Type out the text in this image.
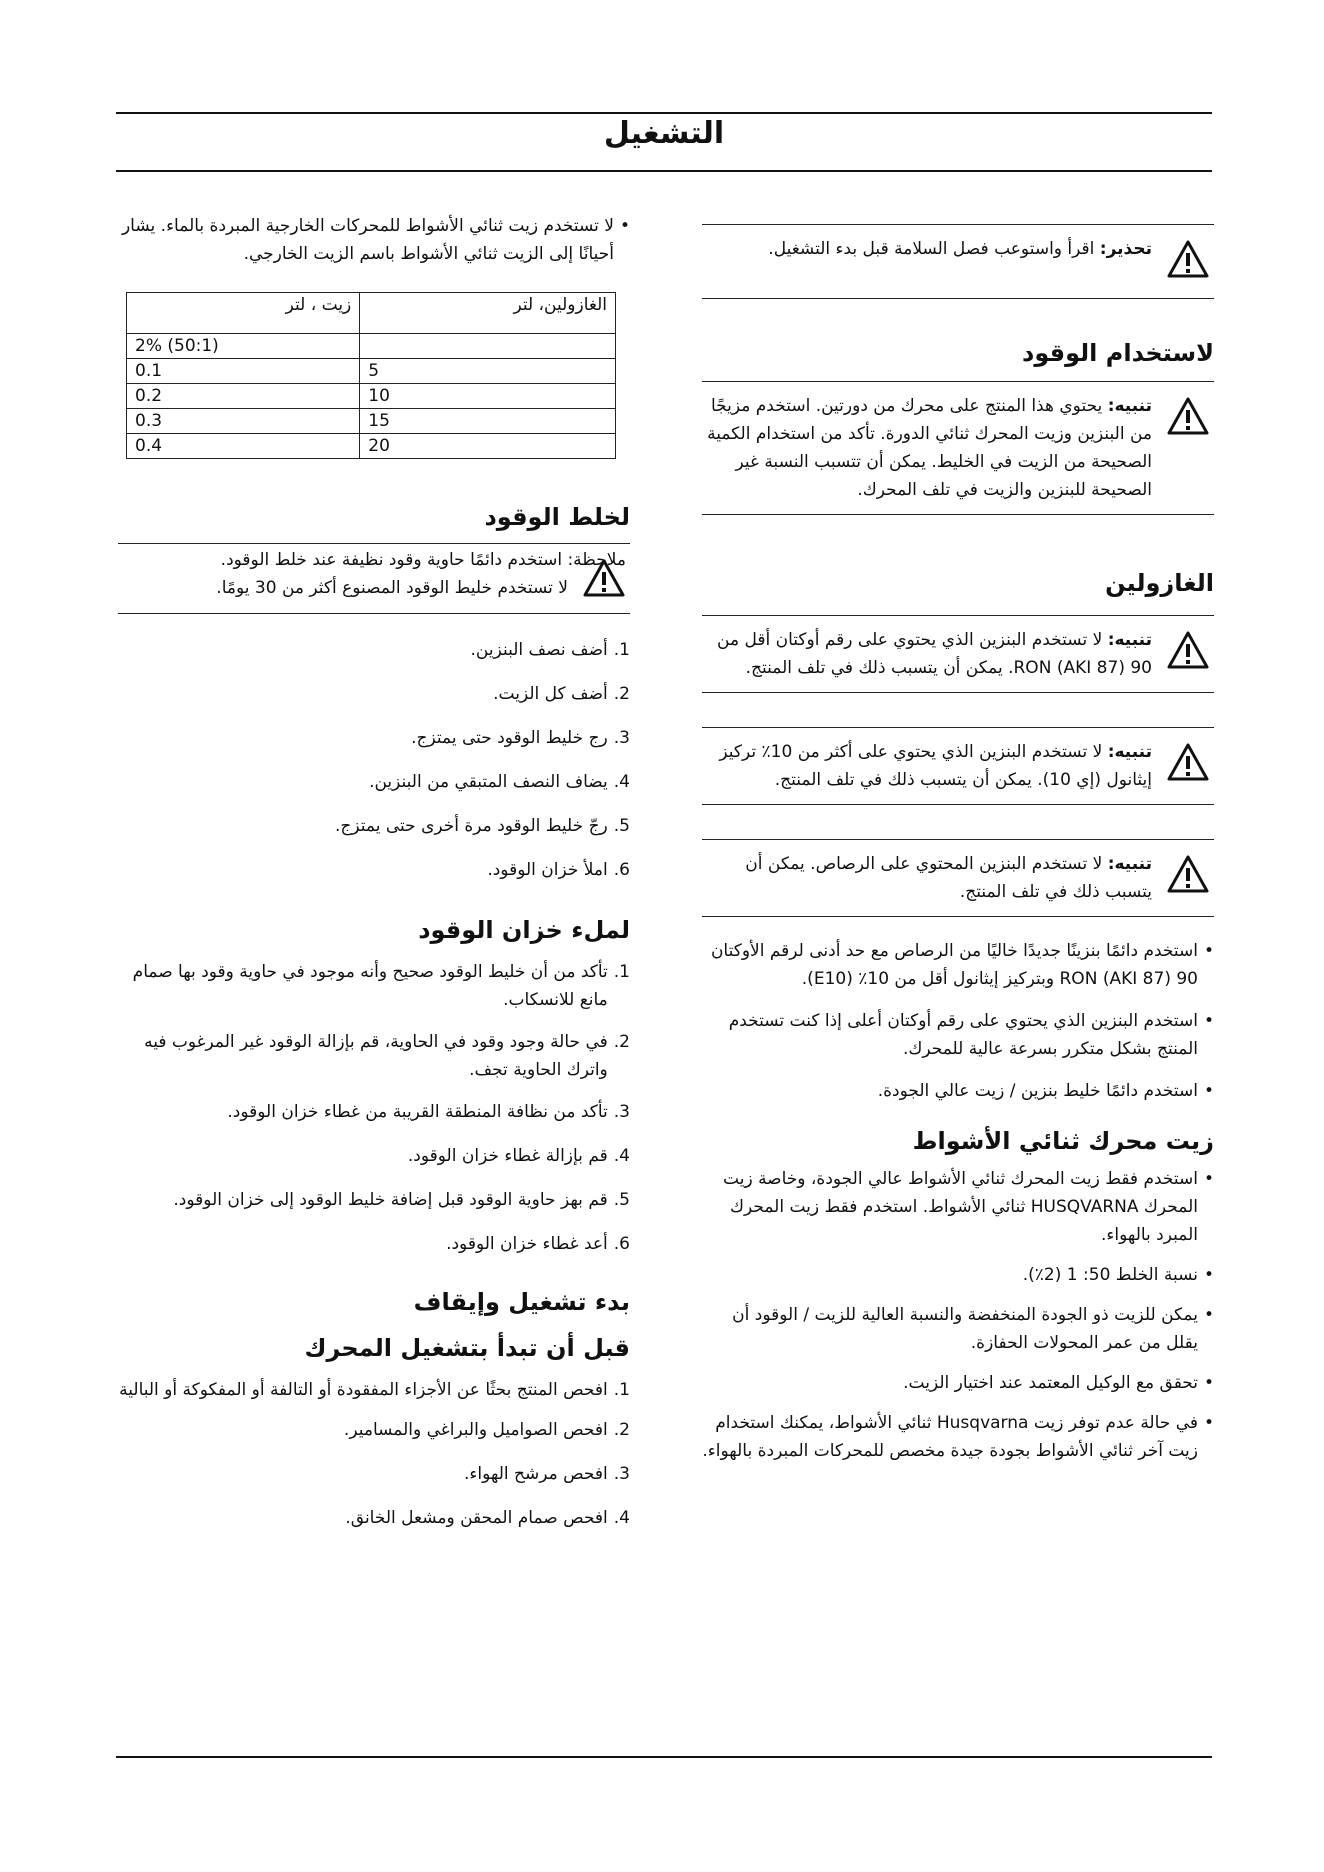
التشغيل
تحذير: اقرأ واستوعب فصل السلامة قبل بدء التشغيل.
لاستخدام الوقود
تنبيه: يحتوي هذا المنتج على محرك من دورتين. استخدم مزيجًا من البنزين وزيت المحرك ثنائي الدورة. تأكد من استخدام الكمية الصحيحة من الزيت في الخليط. يمكن أن تتسبب النسبة غير الصحيحة للبنزين والزيت في تلف المحرك.
الغازولين
تنبيه: لا تستخدم البنزين الذي يحتوي على رقم أوكتان أقل من 90 (87 AKI) RON. يمكن أن يتسبب ذلك في تلف المنتج.
تنبيه: لا تستخدم البنزين الذي يحتوي على أكثر من 10٪ تركيز إيثانول (إي 10). يمكن أن يتسبب ذلك في تلف المنتج.
تنبيه: لا تستخدم البنزين المحتوي على الرصاص. يمكن أن يتسبب ذلك في تلف المنتج.

• استخدم دائمًا بنزينًا جديدًا خاليًا من الرصاص مع حد أدنى لرقم الأوكتان 90 (87 AKI) RON وبتركيز إيثانول أقل من 10٪ (E10).

• استخدم البنزين الذي يحتوي على رقم أوكتان أعلى إذا كنت تستخدم المنتج بشكل متكرر بسرعة عالية للمحرك.

• استخدم دائمًا خليط بنزين / زيت عالي الجودة.

زيت محرك ثنائي الأشواط

• استخدم فقط زيت المحرك ثنائي الأشواط عالي الجودة، وخاصة زيت المحرك HUSQVARNA ثنائي الأشواط. استخدم فقط زيت المحرك المبرد بالهواء.

• نسبة الخلط 50: 1 (2٪).

• يمكن للزيت ذو الجودة المنخفضة والنسبة العالية للزيت / الوقود أن يقلل من عمر المحولات الحفازة.

• تحقق مع الوكيل المعتمد عند اختيار الزيت.

• في حالة عدم توفر زيت Husqvarna ثنائي الأشواط، يمكنك استخدام زيت آخر ثنائي الأشواط بجودة جيدة مخصص للمحركات المبردة بالهواء.

• لا تستخدم زيت ثنائي الأشواط للمحركات الخارجية المبردة بالماء. يشار أحيانًا إلى الزيت ثنائي الأشواط باسم الزيت الخارجي.

الغازولين، لتر	زيت ، لتر
	2% (50:1)
5	0.1
10	0.2
15	0.3
20	0.4
لخلط الوقود
ملاحظة: استخدم دائمًا حاوية وقود نظيفة عند خلط الوقود.
لا تستخدم خليط الوقود المصنوع أكثر من 30 يومًا.

1.
أضف نصف البنزين.

2.
أضف كل الزيت.

3.
رج خليط الوقود حتى يمتزج.

4.
يضاف النصف المتبقي من البنزين.

5.
رجّ خليط الوقود مرة أخرى حتى يمتزج.

6.
املأ خزان الوقود.

لملء خزان الوقود

1.
تأكد من أن خليط الوقود صحيح وأنه موجود في حاوية وقود بها صمام مانع للانسكاب.

2.
في حالة وجود وقود في الحاوية، قم بإزالة الوقود غير المرغوب فيه واترك الحاوية تجف.

3.
تأكد من نظافة المنطقة القريبة من غطاء خزان الوقود.

4.
قم بإزالة غطاء خزان الوقود.

5.
قم بهز حاوية الوقود قبل إضافة خليط الوقود إلى خزان الوقود.

6.
أعد غطاء خزان الوقود.

بدء تشغيل وإيقاف
قبل أن تبدأ بتشغيل المحرك

1.
افحص المنتج بحثًا عن الأجزاء المفقودة أو التالفة أو المفكوكة أو البالية

2.
افحص الصواميل والبراغي والمسامير.

3.
افحص مرشح الهواء.

4.
افحص صمام المحقن ومشعل الخانق.
